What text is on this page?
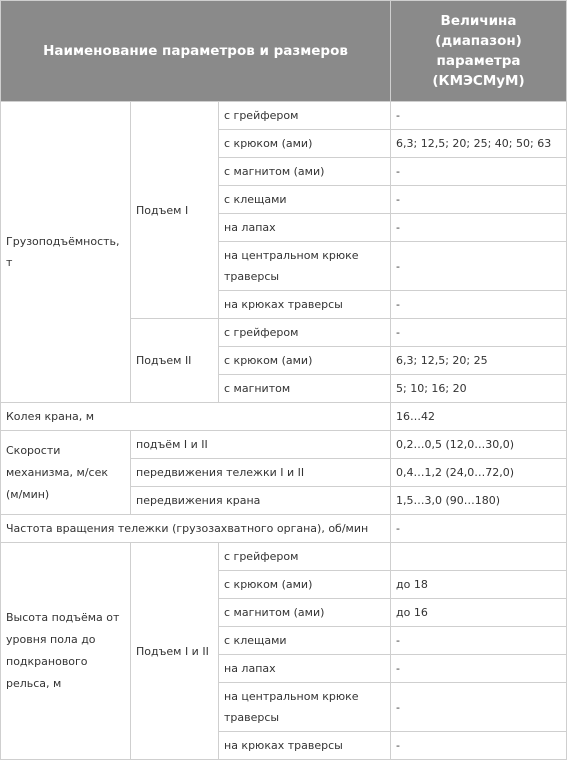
Наименование параметров и размеров			Величина (диапазон) параметра (КМЭСМуМ)
Грузоподъёмность, т	Подъем I	с грейфером	-
		с крюком (ами)	6,3; 12,5; 20; 25; 40; 50; 63
		с магнитом (ами)	-
		с клещами	-
		на лапах	-
		на центральном крюке траверсы	-
		на крюках траверсы	-
	Подъем II	с грейфером	-
		с крюком (ами)	6,3; 12,5; 20; 25
		с магнитом	5; 10; 16; 20
Колея крана, м			16…42
Скорости механизма, м/сек (м/мин)	подъём I и II		0,2…0,5 (12,0…30,0)
	передвижения тележки I и II		0,4…1,2 (24,0…72,0)
	передвижения крана		1,5…3,0 (90…180)
Частота вращения тележки (грузозахватного органа), об/мин			-
Высота подъёма от уровня пола до подкранового рельса, м	Подъем I и II	с грейфером	
		с крюком (ами)	до 18
		с магнитом (ами)	до 16
		с клещами	-
		на лапах	-
		на центральном крюке траверсы	-
		на крюках траверсы	-
